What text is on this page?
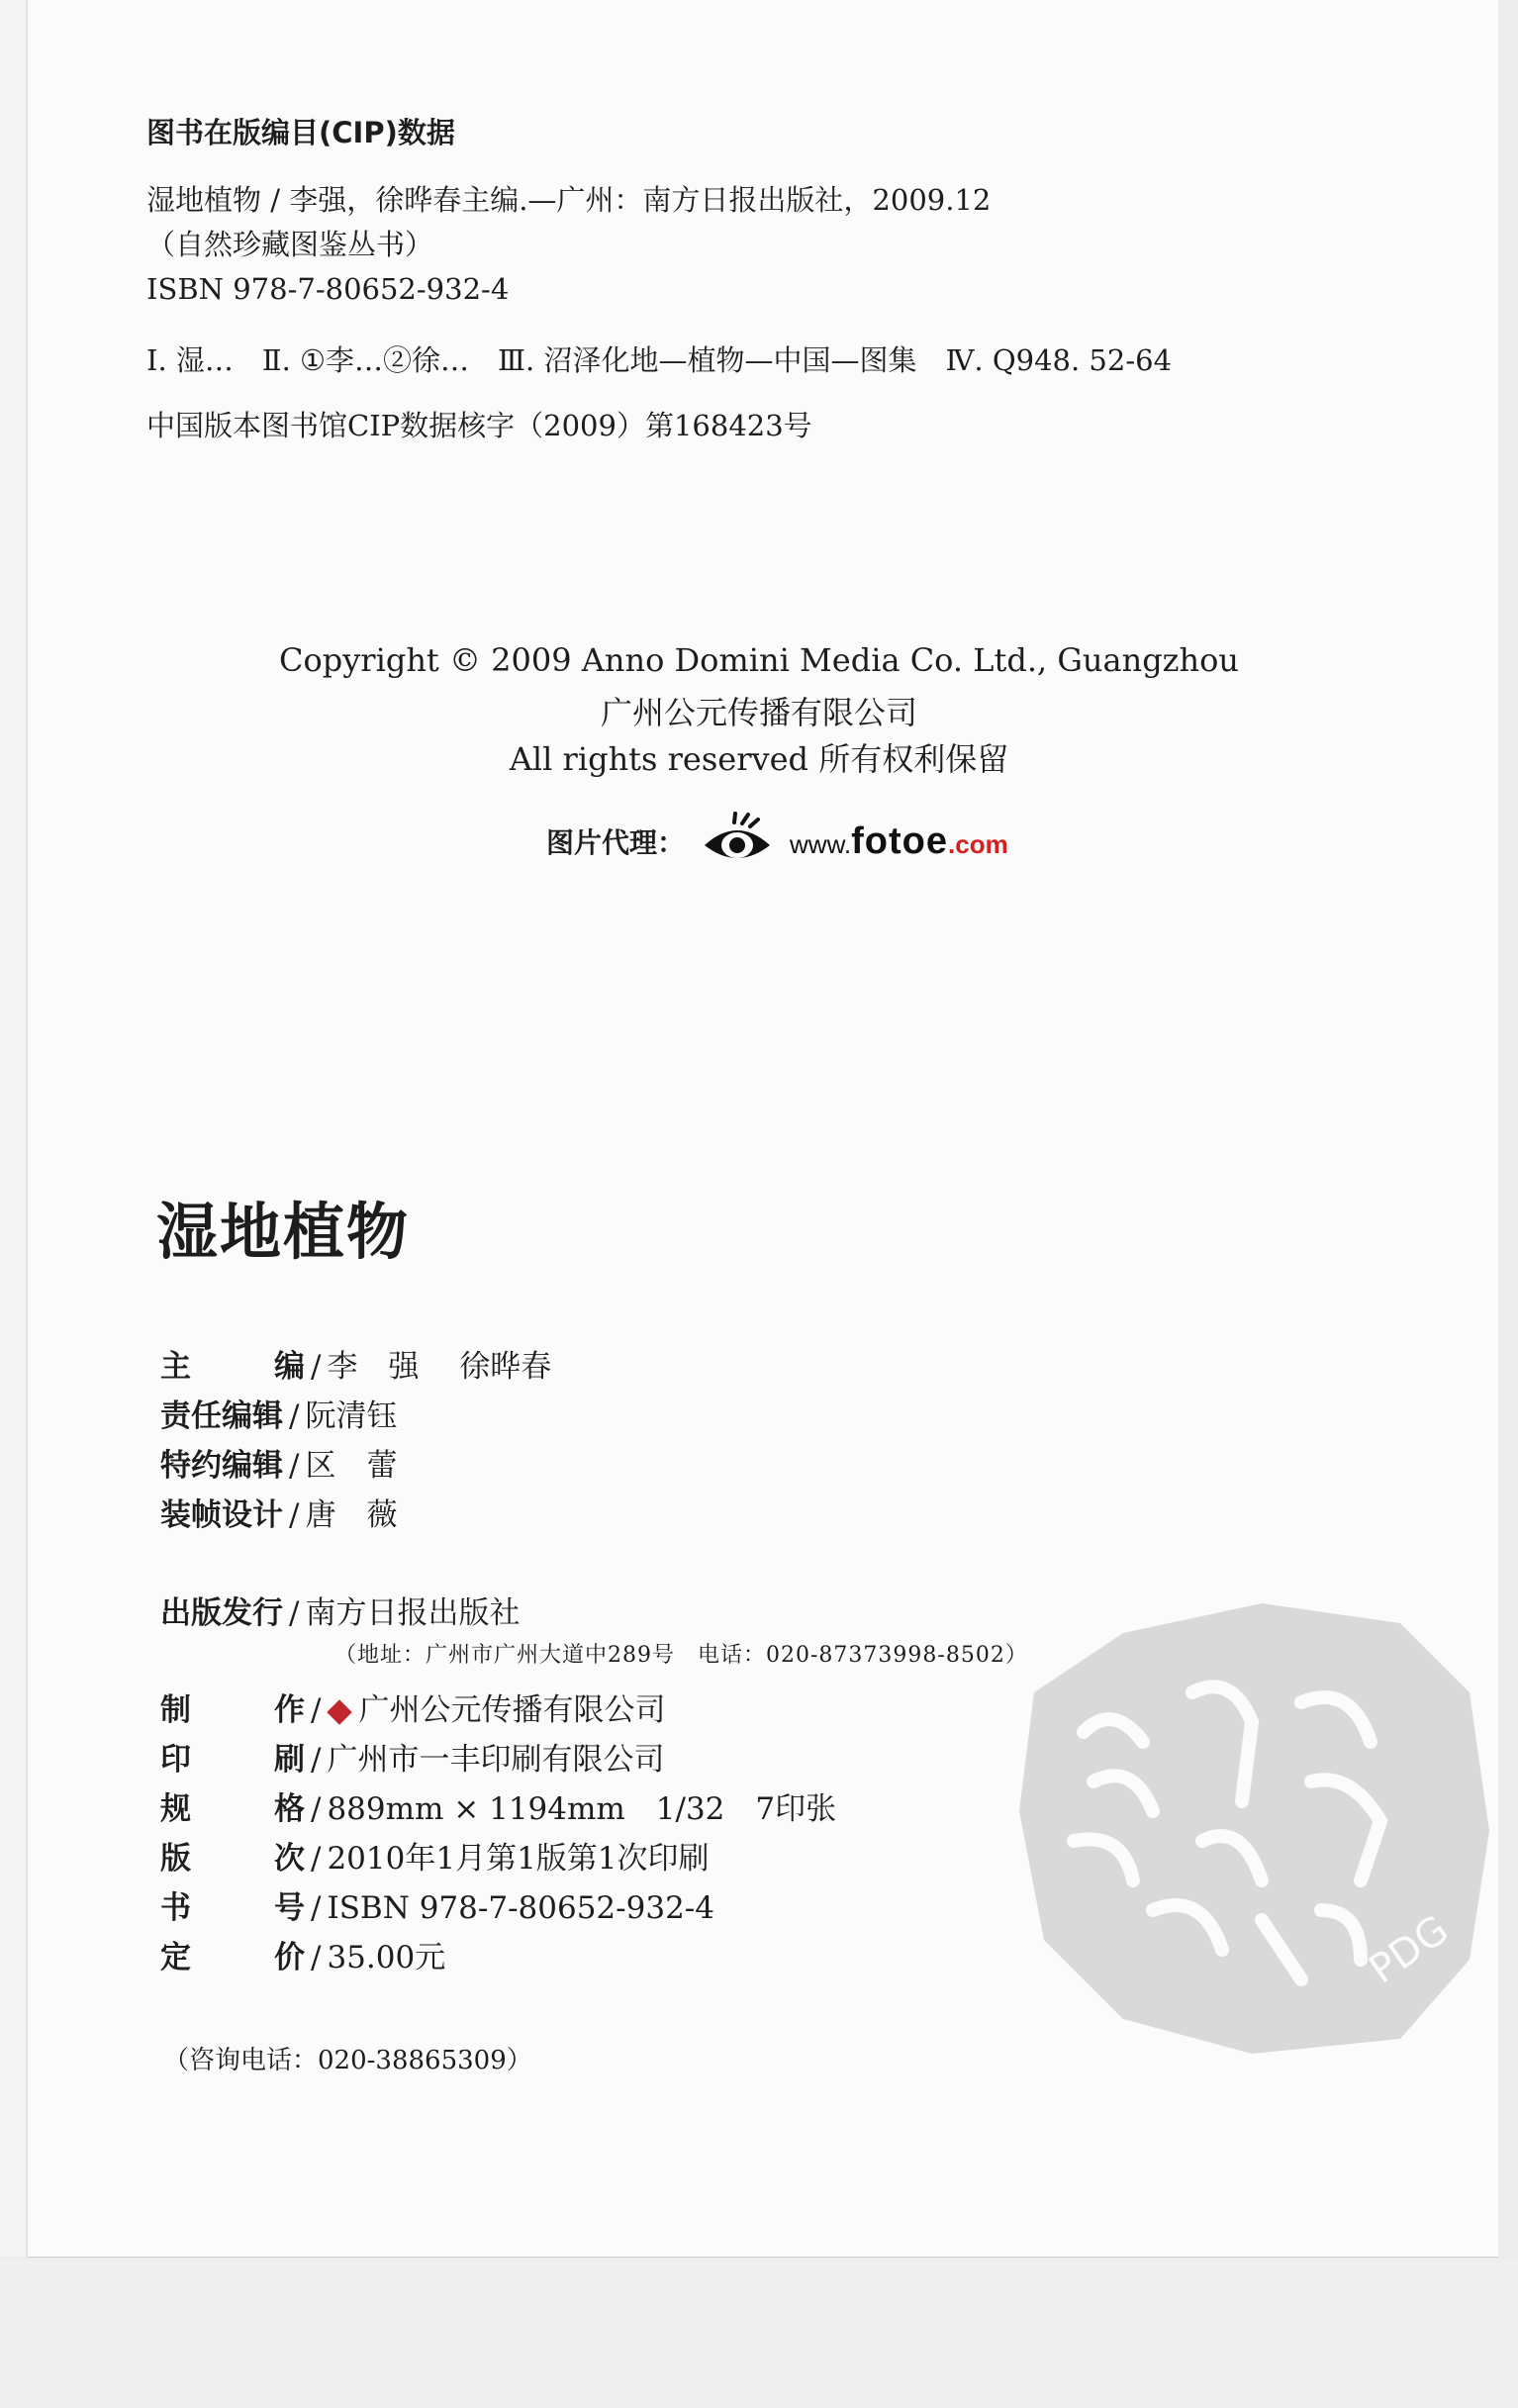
图书在版编目(CIP)数据
湿地植物 / 李强，徐晔春主编.—广州：南方日报出版社，2009.12
（自然珍藏图鉴丛书）
ISBN 978-7-80652-932-4
Ⅰ. 湿…　Ⅱ. ①李…②徐…　Ⅲ. 沼泽化地—植物—中国—图集　Ⅳ. Q948. 52-64
中国版本图书馆CIP数据核字（2009）第168423号
Copyright © 2009 Anno Domini Media Co. Ltd., Guangzhou
广州公元传播有限公司
All rights reserved 所有权利保留
图片代理：	www.fotoe.com
湿地植物
主	编 / 李　强　 徐晔春
责任编辑 / 阮清钰
特约编辑 / 区　蕾
装帧设计 / 唐　薇
出版发行 / 南方日报出版社
（地址：广州市广州大道中289号　电话：020-87373998-8502）
制	作 / 广州公元传播有限公司
印	刷 / 广州市一丰印刷有限公司
规	格 / 889mm × 1194mm　1/32　7印张
版	次 / 2010年1月第1版第1次印刷
书	号 / ISBN 978-7-80652-932-4
定	价 / 35.00元
（咨询电话：020-38865309）
PDG
